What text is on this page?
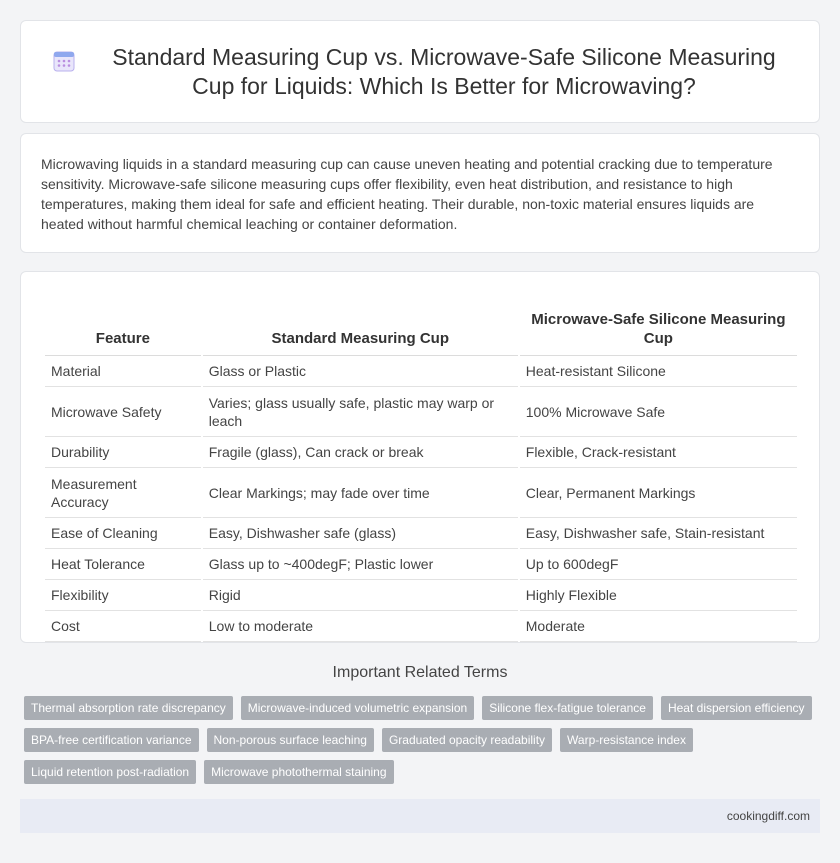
Standard Measuring Cup vs. Microwave-Safe Silicone Measuring Cup for Liquids: Which Is Better for Microwaving?

Microwaving liquids in a standard measuring cup can cause uneven heating and potential cracking due to temperature sensitivity. Microwave-safe silicone measuring cups offer flexibility, even heat distribution, and resistance to high temperatures, making them ideal for safe and efficient heating. Their durable, non-toxic material ensures liquids are heated without harmful chemical leaching or container deformation.

Feature	Standard Measuring Cup	Microwave-Safe Silicone Measuring Cup
Material	Glass or Plastic	Heat-resistant Silicone
Microwave Safety	Varies; glass usually safe, plastic may warp or leach	100% Microwave Safe
Durability	Fragile (glass), Can crack or break	Flexible, Crack-resistant
Measurement Accuracy	Clear Markings; may fade over time	Clear, Permanent Markings
Ease of Cleaning	Easy, Dishwasher safe (glass)	Easy, Dishwasher safe, Stain-resistant
Heat Tolerance	Glass up to ~400degF; Plastic lower	Up to 600degF
Flexibility	Rigid	Highly Flexible
Cost	Low to moderate	Moderate
Important Related Terms
Thermal absorption rate discrepancy	Microwave-induced volumetric expansion	Silicone flex-fatigue tolerance	Heat dispersion efficiency
BPA-free certification variance	Non-porous surface leaching	Graduated opacity readability	Warp-resistance index
Liquid retention post-radiation	Microwave photothermal staining
cookingdiff.com
